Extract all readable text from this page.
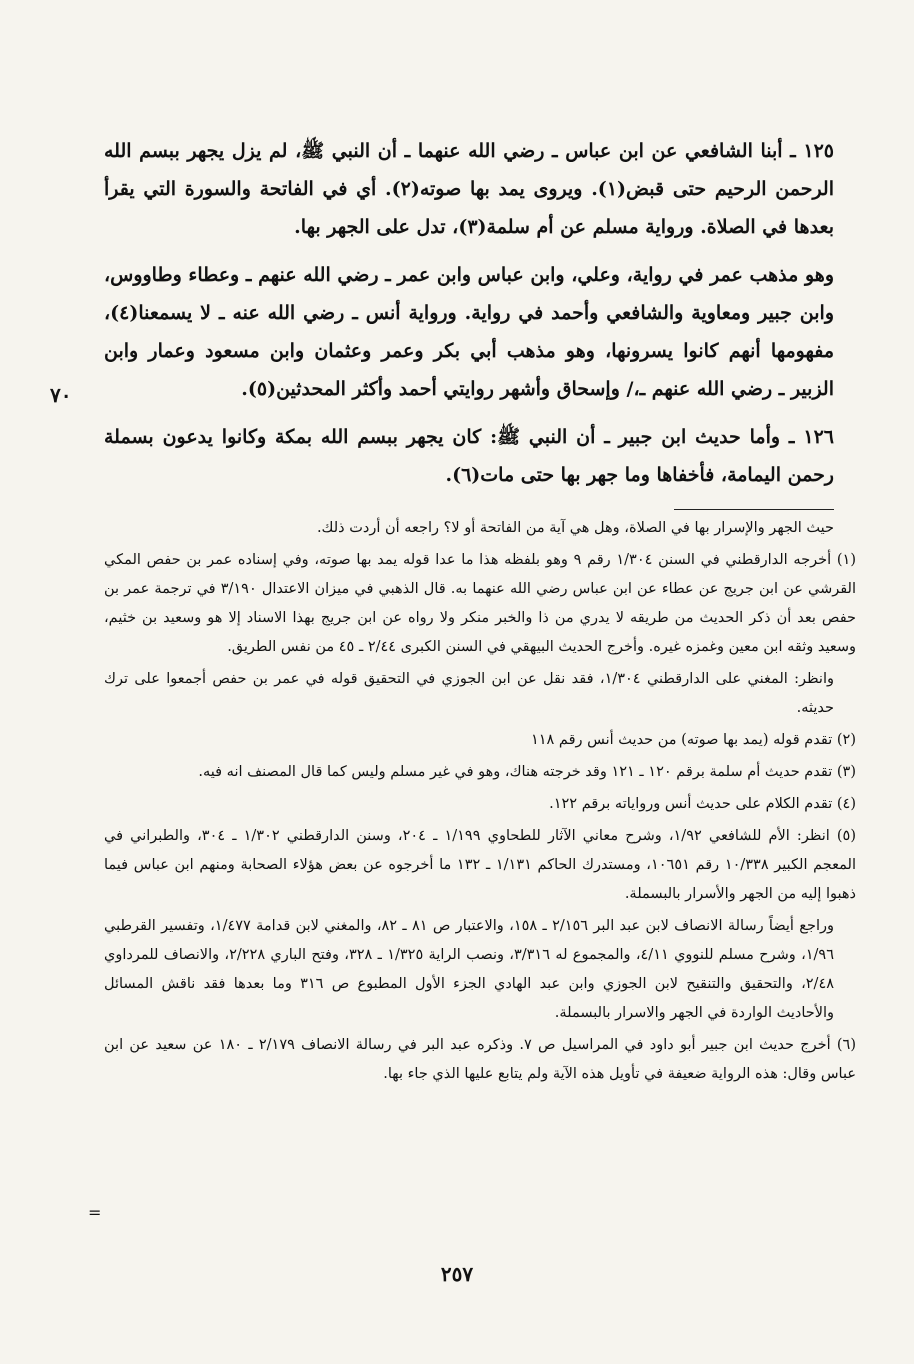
٧٠

١٢٥ ـ أبنا الشافعي عن ابن عباس ـ رضي الله عنهما ـ أن النبي ﷺ، لم يزل يجهر ببسم الله الرحمن الرحيم حتى قبض(١). ويروى يمد بها صوته(٢). أي في الفاتحة والسورة التي يقرأ بعدها في الصلاة. ورواية مسلم عن أم سلمة(٣)، تدل على الجهر بها.

وهو مذهب عمر في رواية، وعلي، وابن عباس وابن عمر ـ رضي الله عنهم ـ وعطاء وطاووس، وابن جبير ومعاوية والشافعي وأحمد في رواية. ورواية أنس ـ رضي الله عنه ـ لا يسمعنا(٤)، مفهومها أنهم كانوا يسرونها، وهو مذهب أبي بكر وعمر وعثمان وابن مسعود وعمار وابن الزبير ـ رضي الله عنهم ـ،/ وإسحاق وأشهر روايتي أحمد وأكثر المحدثين(٥).

١٢٦ ـ وأما حديث ابن جبير ـ أن النبي ﷺ: كان يجهر ببسم الله بمكة وكانوا يدعون بسملة رحمن اليمامة، فأخفاها وما جهر بها حتى مات(٦).

حيث الجهر والإسرار بها في الصلاة، وهل هي آية من الفاتحة أو لا؟ راجعه أن أردت ذلك.

(١) أخرجه الدارقطني في السنن ١/٣٠٤ رقم ٩ وهو بلفظه هذا ما عدا قوله يمد بها صوته، وفي إسناده عمر بن حفص المكي القرشي عن ابن جريج عن عطاء عن ابن عباس رضي الله عنهما به. قال الذهبي في ميزان الاعتدال ٣/١٩٠ في ترجمة عمر بن حفص بعد أن ذكر الحديث من طريقه لا يدري من ذا والخبر منكر ولا رواه عن ابن جريج بهذا الاسناد إلا هو وسعيد بن خثيم، وسعيد وثقه ابن معين وغمزه غيره. وأخرج الحديث البيهقي في السنن الكبرى ٢/٤٤ ـ ٤٥ من نفس الطريق.

وانظر: المغني على الدارقطني ١/٣٠٤، فقد نقل عن ابن الجوزي في التحقيق قوله في عمر بن حفص أجمعوا على ترك حديثه.

(٢) تقدم قوله (يمد بها صوته) من حديث أنس رقم ١١٨

(٣) تقدم حديث أم سلمة برقم ١٢٠ ـ ١٢١ وقد خرجته هناك، وهو في غير مسلم وليس كما قال المصنف انه فيه.

(٤) تقدم الكلام على حديث أنس ورواياته برقم ١٢٢.

(٥) انظر: الأم للشافعي ١/٩٢، وشرح معاني الآثار للطحاوي ١/١٩٩ ـ ٢٠٤، وسنن الدارقطني ١/٣٠٢ ـ ٣٠٤، والطبراني في المعجم الكبير ١٠/٣٣٨ رقم ١٠٦٥١، ومستدرك الحاكم ١/١٣١ ـ ١٣٢ ما أخرجوه عن بعض هؤلاء الصحابة ومنهم ابن عباس فيما ذهبوا إليه من الجهر والأسرار بالبسملة.

وراجع أيضاً رسالة الانصاف لابن عبد البر ٢/١٥٦ ـ ١٥٨، والاعتبار ص ٨١ ـ ٨٢، والمغني لابن قدامة ١/٤٧٧، وتفسير القرطبي ١/٩٦، وشرح مسلم للنووي ٤/١١، والمجموع له ٣/٣١٦، ونصب الراية ١/٣٢٥ ـ ٣٢٨، وفتح الباري ٢/٢٢٨، والانصاف للمرداوي ٢/٤٨، والتحقيق والتنقيح لابن الجوزي وابن عبد الهادي الجزء الأول المطبوع ص ٣١٦ وما بعدها فقد ناقش المسائل والأحاديث الواردة في الجهر والاسرار بالبسملة.

(٦) أخرج حديث ابن جبير أبو داود في المراسيل ص ٧. وذكره عبد البر في رسالة الانصاف ٢/١٧٩ ـ ١٨٠ عن سعيد عن ابن عباس وقال: هذه الرواية ضعيفة في تأويل هذه الآية ولم يتابع عليها الذي جاء بها.

=
٢٥٧
